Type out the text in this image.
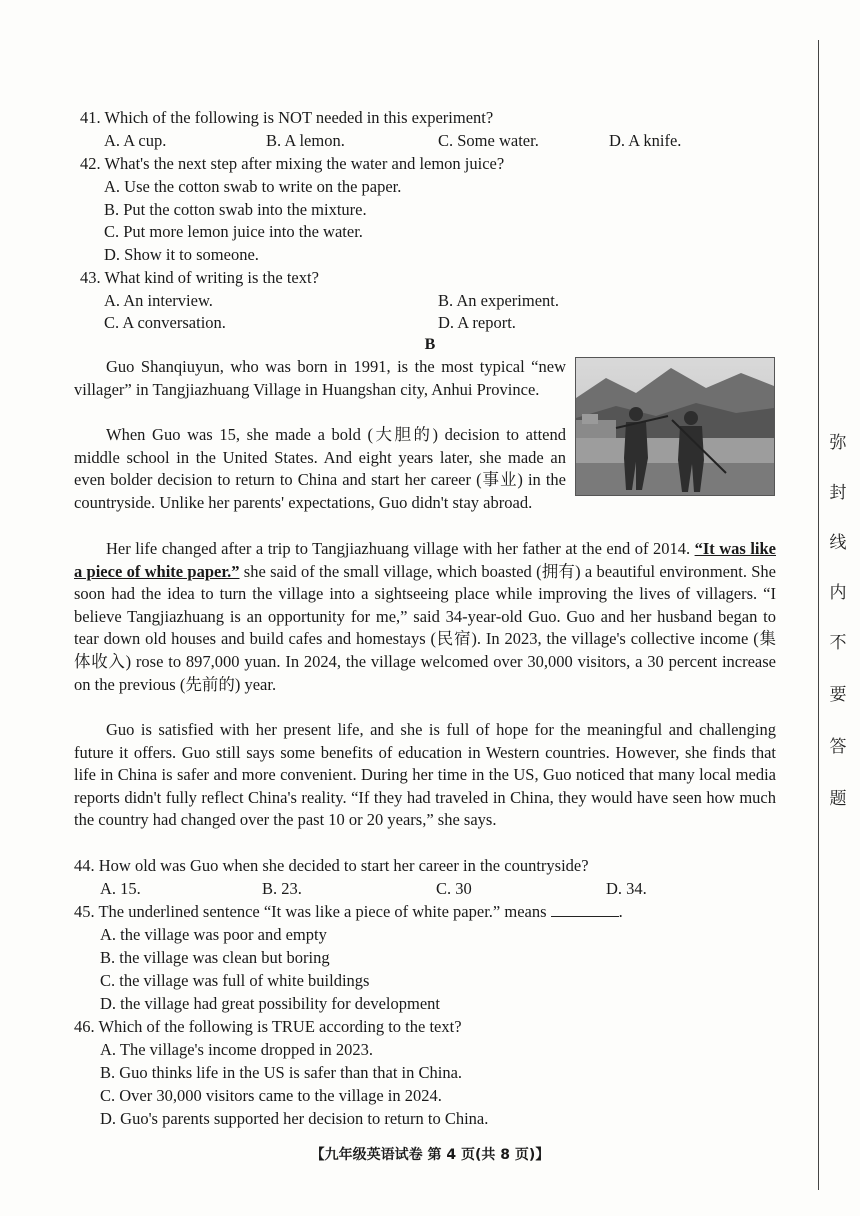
41. Which of the following is NOT needed in this experiment?
A. A cup.	B. A lemon.	C. Some water.	D. A knife.
42. What's the next step after mixing the water and lemon juice?
A. Use the cotton swab to write on the paper.
B. Put the cotton swab into the mixture.
C. Put more lemon juice into the water.
D. Show it to someone.
43. What kind of writing is the text?
A. An interview.	B. An experiment.
C. A conversation.	D. A report.
B
Guo Shanqiuyun, who was born in 1991, is the most typical “new villager” in Tangjiazhuang Village in Huangshan city, Anhui Province.
When Guo was 15, she made a bold (大胆的) decision to attend middle school in the United States. And eight years later, she made an even bolder decision to return to China and start her career (事业) in the countryside. Unlike her parents' expectations, Guo didn't stay abroad.
Her life changed after a trip to Tangjiazhuang village with her father at the end of 2014. “It was like a piece of white paper.” she said of the small village, which boasted (拥有) a beautiful environment. She soon had the idea to turn the village into a sightseeing place while improving the lives of villagers. “I believe Tangjiazhuang is an opportunity for me,” said 34-year-old Guo. Guo and her husband began to tear down old houses and build cafes and homestays (民宿). In 2023, the village's collective income (集体收入) rose to 897,000 yuan. In 2024, the village welcomed over 30,000 visitors, a 30 percent increase on the previous (先前的) year.
Guo is satisfied with her present life, and she is full of hope for the meaningful and challenging future it offers. Guo still says some benefits of education in Western countries. However, she finds that life in China is safer and more convenient. During her time in the US, Guo noticed that many local media reports didn't fully reflect China's reality. “If they had traveled in China, they would have seen how much the country had changed over the past 10 or 20 years,” she says.
44. How old was Guo when she decided to start her career in the countryside?
A. 15.	B. 23.	C. 30	D. 34.
45. The underlined sentence “It was like a piece of white paper.” means	.
A. the village was poor and empty
B. the village was clean but boring
C. the village was full of white buildings
D. the village had great possibility for development
46. Which of the following is TRUE according to the text?
A. The village's income dropped in 2023.
B. Guo thinks life in the US is safer than that in China.
C. Over 30,000 visitors came to the village in 2024.
D. Guo's parents supported her decision to return to China.
【九年级英语试卷 第 4 页(共 8 页)】
弥
封
线
内
不
要
答
题
